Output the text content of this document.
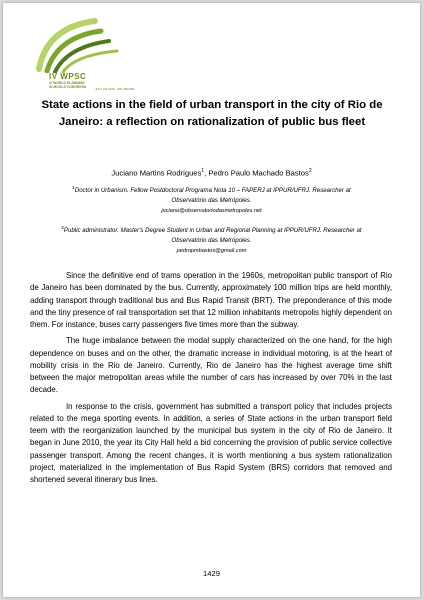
IV WPSC
IV WORLD PLANNING
SCHOOLS CONGRESS	JULY 4-8 2016 · RIO, BRAZIL
State actions in the field of urban transport in the city of Rio de Janeiro: a reflection on rationalization of public bus fleet
Juciano Martins Rodrigues$^1$, Pedro Paulo Machado Bastos$^2$
$^1$Doctor in Urbanism. Fellow Postdoctoral Programa Nota 10 – FAPERJ at IPPUR/UFRJ. Researcher at Observatório das Metrópoles.
juciano@observatoriodasmetropoles.net
$^2$Public administrator. Master's Degree Student in Urban and Regional Planning at IPPUR/UFRJ. Researcher at Observatório das Metrópoles.
pedropmbastos@gmail.com

Since the definitive end of trams operation in the 1960s, metropolitan public transport of Rio de Janeiro has been dominated by the bus. Currently, approximately 100 million trips are held monthly, adding transport through traditional bus and Bus Rapid Transit (BRT). The preponderance of this mode and the tiny presence of rail transportation set that 12 million inhabitants metropolis highly dependent on them. For instance, buses carry passengers five times more than the subway.

The huge imbalance between the modal supply characterized on the one hand, for the high dependence on buses and on the other, the dramatic increase in individual motoring, is at the heart of mobility crisis in the Rio de Janeiro. Currently, Rio de Janeiro has the highest average time shift between the major metropolitan areas while the number of cars has increased by over 70% in the last decade.

In response to the crisis, government has submitted a transport policy that includes projects related to the mega sporting events. In addition, a series of State actions in the urban transport field teem with the reorganization launched by the municipal bus system in the city of Rio de Janeiro. It began in June 2010, the year its City Hall held a bid concerning the provision of public service collective passenger transport. Among the recent changes, it is worth mentioning a bus system rationalization project, materialized in the implementation of Bus Rapid System (BRS) corridors that removed and shortened several itinerary bus lines.

1429
